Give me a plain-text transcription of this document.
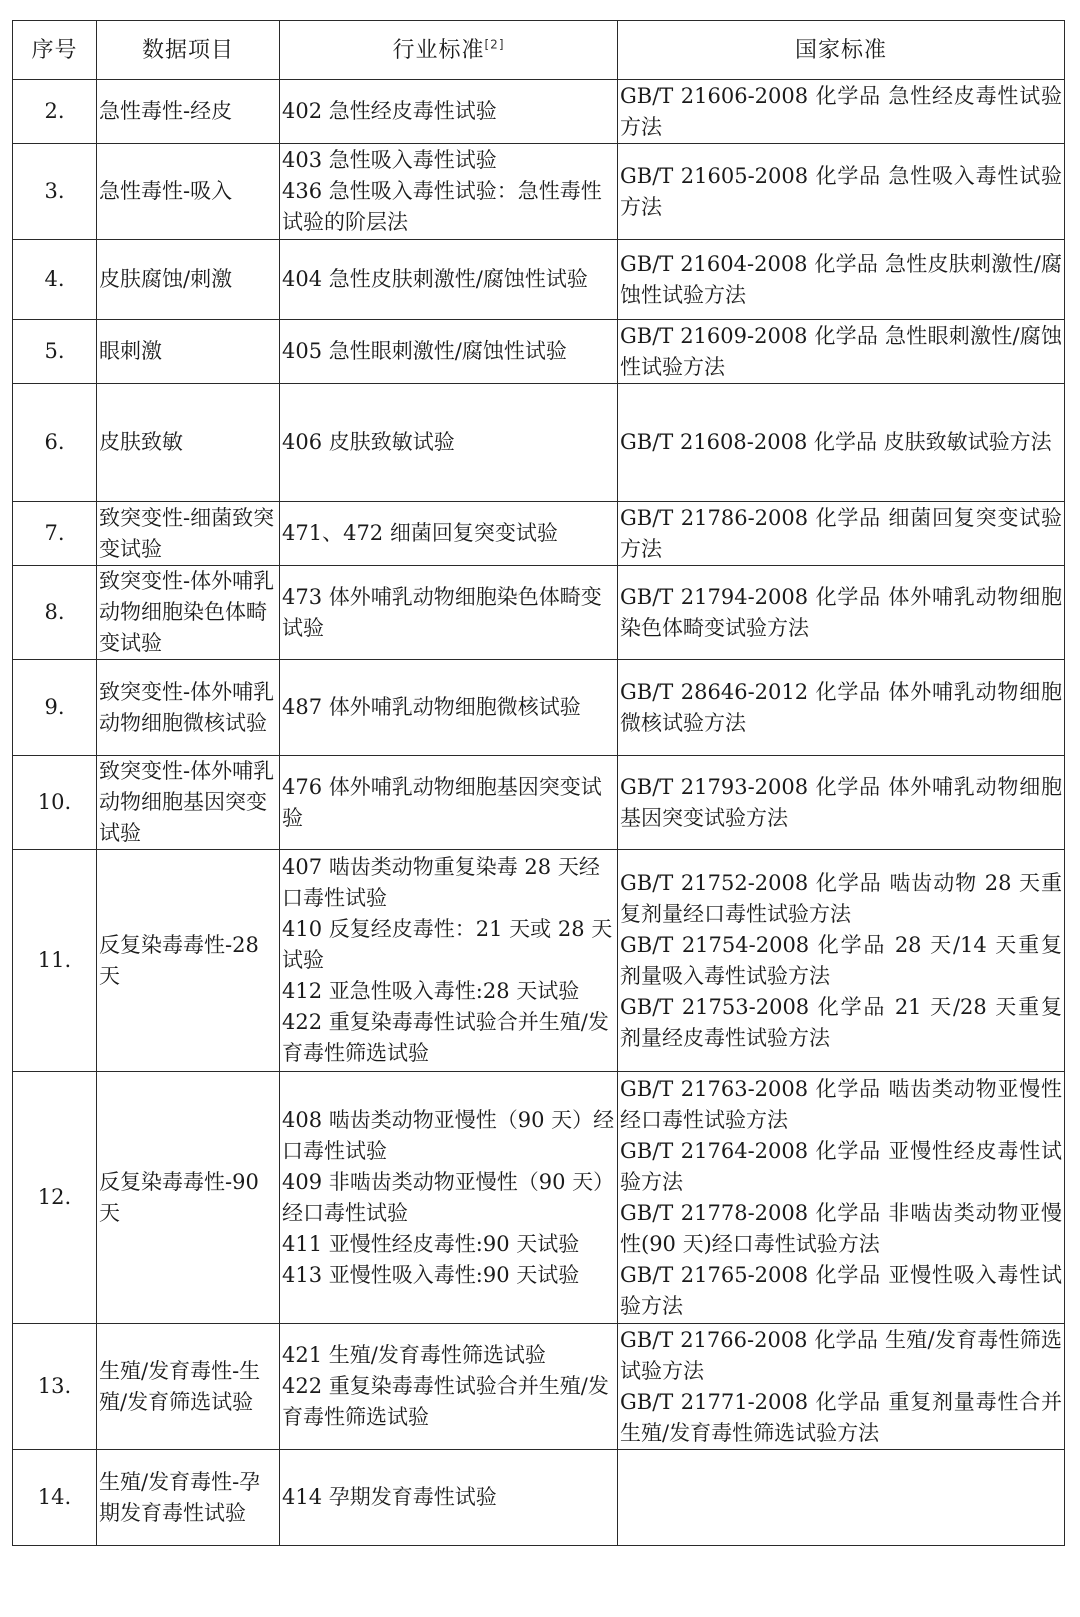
序号	数据项目	行业标准[2]	国家标准
2.	急性毒性-经皮	402 急性经皮毒性试验	GB/T 21606-2008 化学品 急性经皮毒性试验方法

3.	急性毒性-吸入	403 急性吸入毒性试验
436 急性吸入毒性试验：急性毒性试验的阶层法	GB/T 21605-2008 化学品 急性吸入毒性试验方法

4.	皮肤腐蚀/刺激	404 急性皮肤刺激性/腐蚀性试验	GB/T 21604-2008 化学品 急性皮肤刺激性/腐蚀性试验方法

5.	眼刺激	405 急性眼刺激性/腐蚀性试验	GB/T 21609-2008 化学品 急性眼刺激性/腐蚀性试验方法

6.	皮肤致敏	406 皮肤致敏试验	GB/T 21608-2008 化学品 皮肤致敏试验方法

7.	致突变性-细菌致突变试验	471、472 细菌回复突变试验	GB/T 21786-2008 化学品 细菌回复突变试验方法

8.	致突变性-体外哺乳动物细胞染色体畸变试验	473 体外哺乳动物细胞染色体畸变试验	GB/T 21794-2008 化学品 体外哺乳动物细胞染色体畸变试验方法

9.	致突变性-体外哺乳动物细胞微核试验	487 体外哺乳动物细胞微核试验	GB/T 28646-2012 化学品 体外哺乳动物细胞微核试验方法

10.	致突变性-体外哺乳动物细胞基因突变试验	476 体外哺乳动物细胞基因突变试验	GB/T 21793-2008 化学品 体外哺乳动物细胞基因突变试验方法

11.	反复染毒毒性-28 天	407 啮齿类动物重复染毒 28 天经口毒性试验
410 反复经皮毒性：21 天或 28 天试验
412 亚急性吸入毒性:28 天试验
422 重复染毒毒性试验合并生殖/发育毒性筛选试验	GB/T 21752-2008 化学品 啮齿动物 28 天重复剂量经口毒性试验方法
GB/T 21754-2008 化学品 28 天/14 天重复剂量吸入毒性试验方法
GB/T 21753-2008 化学品 21 天/28 天重复剂量经皮毒性试验方法

12.	反复染毒毒性-90 天	408 啮齿类动物亚慢性（90 天）经口毒性试验
409 非啮齿类动物亚慢性（90 天）经口毒性试验
411 亚慢性经皮毒性:90 天试验
413 亚慢性吸入毒性:90 天试验	GB/T 21763-2008 化学品 啮齿类动物亚慢性经口毒性试验方法
GB/T 21764-2008 化学品 亚慢性经皮毒性试验方法
GB/T 21778-2008 化学品 非啮齿类动物亚慢性(90 天)经口毒性试验方法
GB/T 21765-2008 化学品 亚慢性吸入毒性试验方法

13.	生殖/发育毒性-生殖/发育筛选试验	421 生殖/发育毒性筛选试验
422 重复染毒毒性试验合并生殖/发育毒性筛选试验	GB/T 21766-2008 化学品 生殖/发育毒性筛选试验方法
GB/T 21771-2008 化学品 重复剂量毒性合并生殖/发育毒性筛选试验方法

14.	生殖/发育毒性-孕期发育毒性试验	414 孕期发育毒性试验	
